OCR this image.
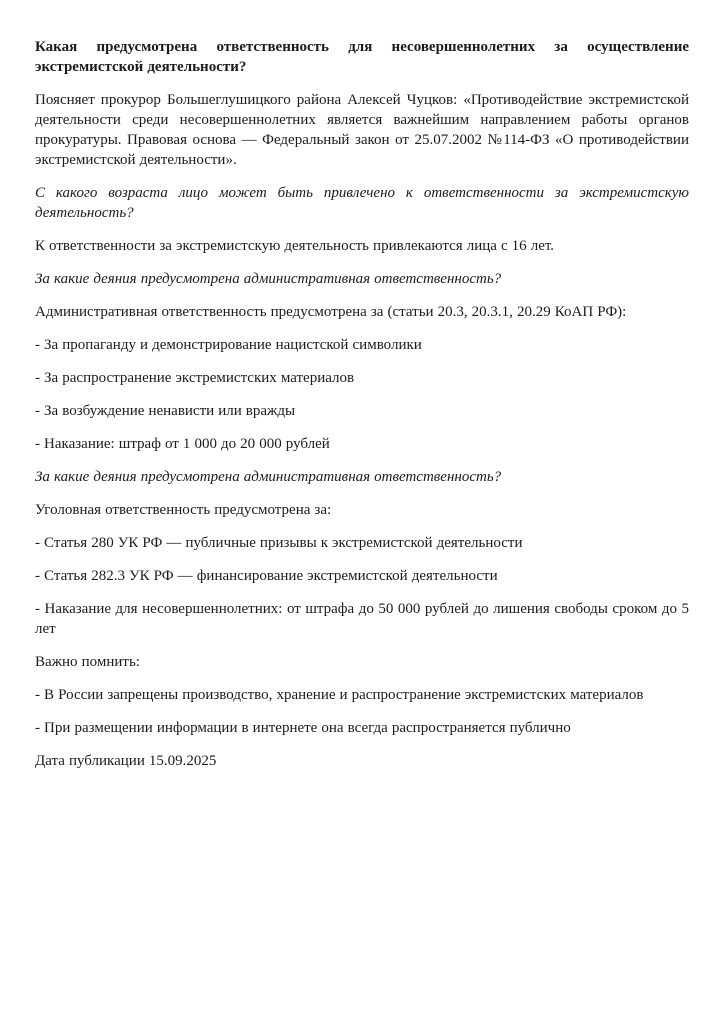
Какая предусмотрена ответственность для несовершеннолетних за осуществление экстремистской деятельности?

Поясняет прокурор Большеглушицкого района Алексей Чуцков: «Противодействие экстремистской деятельности среди несовершеннолетних является важнейшим направлением работы органов прокуратуры. Правовая основа — Федеральный закон от 25.07.2002 №114-ФЗ «О противодействии экстремистской деятельности».

С какого возраста лицо может быть привлечено к ответственности за экстремистскую деятельность?

К ответственности за экстремистскую деятельность привлекаются лица с 16 лет.

За какие деяния предусмотрена административная ответственность?

Административная ответственность предусмотрена за (статьи 20.3, 20.3.1, 20.29 КоАП РФ):

- За пропаганду и демонстрирование нацистской символики

- За распространение экстремистских материалов

- За возбуждение ненависти или вражды

- Наказание: штраф от 1 000 до 20 000 рублей

За какие деяния предусмотрена административная ответственность?

Уголовная ответственность предусмотрена за:

- Статья 280 УК РФ — публичные призывы к экстремистской деятельности

- Статья 282.3 УК РФ — финансирование экстремистской деятельности

- Наказание для несовершеннолетних: от штрафа до 50 000 рублей до лишения свободы сроком до 5 лет

Важно помнить:

- В России запрещены производство, хранение и распространение экстремистских материалов

- При размещении информации в интернете она всегда распространяется публично

Дата публикации 15.09.2025
